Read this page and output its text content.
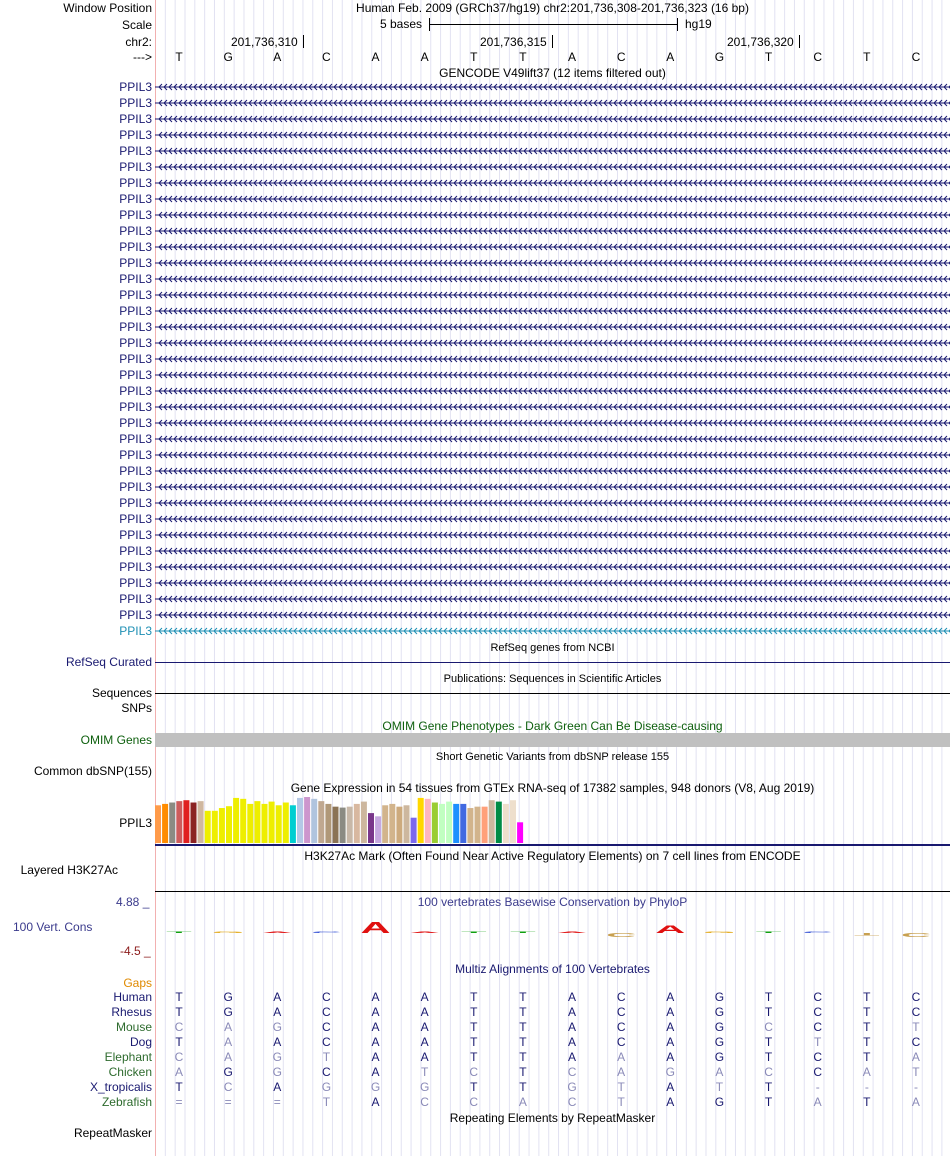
Window Position
Scale
chr2:
--->
Human Feb. 2009 (GRCh37/hg19) chr2:201,736,308-201,736,323 (16 bp)
5 bases	hg19
201,736,310	201,736,315	201,736,320
T	G	A	C	A	A	T	T	A	C	A	G	T	C	T	C
GENCODE V49lift37 (12 items filtered out)
PPIL3
PPIL3
PPIL3
PPIL3
PPIL3
PPIL3
PPIL3
PPIL3
PPIL3
PPIL3
PPIL3
PPIL3
PPIL3
PPIL3
PPIL3
PPIL3
PPIL3
PPIL3
PPIL3
PPIL3
PPIL3
PPIL3
PPIL3
PPIL3
PPIL3
PPIL3
PPIL3
PPIL3
PPIL3
PPIL3
PPIL3
PPIL3
PPIL3
PPIL3
PPIL3
RefSeq genes from NCBI
RefSeq Curated
Publications: Sequences in Scientific Articles
Sequences
SNPs
OMIM Gene Phenotypes - Dark Green Can Be Disease-causing
OMIM Genes
Short Genetic Variants from dbSNP release 155
Common dbSNP(155)
Gene Expression in 54 tissues from GTEx RNA-seq of 17382 samples, 948 donors (V8, Aug 2019)
PPIL3
H3K27Ac Mark (Often Found Near Active Regulatory Elements) on 7 cell lines from ENCODE
Layered H3K27Ac
100 vertebrates Basewise Conservation by PhyloP
4.88 _
100 Vert. Cons
-4.5 _
T G A C A A T T A C A G T C T C
Multiz Alignments of 100 Vertebrates
Gaps
Human	T	G	A	C	A	A	T	T	A	C	A	G	T	C	T	C
Rhesus	T	G	A	C	A	A	T	T	A	C	A	G	T	C	T	C
Mouse	C	A	G	C	A	A	T	T	A	C	A	G	C	C	T	T
Dog	T	A	A	C	A	A	T	T	A	C	A	G	T	T	T	C
Elephant	C	A	G	T	A	A	T	T	A	A	A	G	T	C	T	A
Chicken	A	G	G	C	A	T	C	T	C	A	G	A	C	C	A	T
X_tropicalis	T	C	A	G	G	G	T	T	G	T	A	T	T	-	-	-
Zebrafish	=	=	=	T	A	C	C	A	C	T	A	G	T	A	T	A
Repeating Elements by RepeatMasker
RepeatMasker
